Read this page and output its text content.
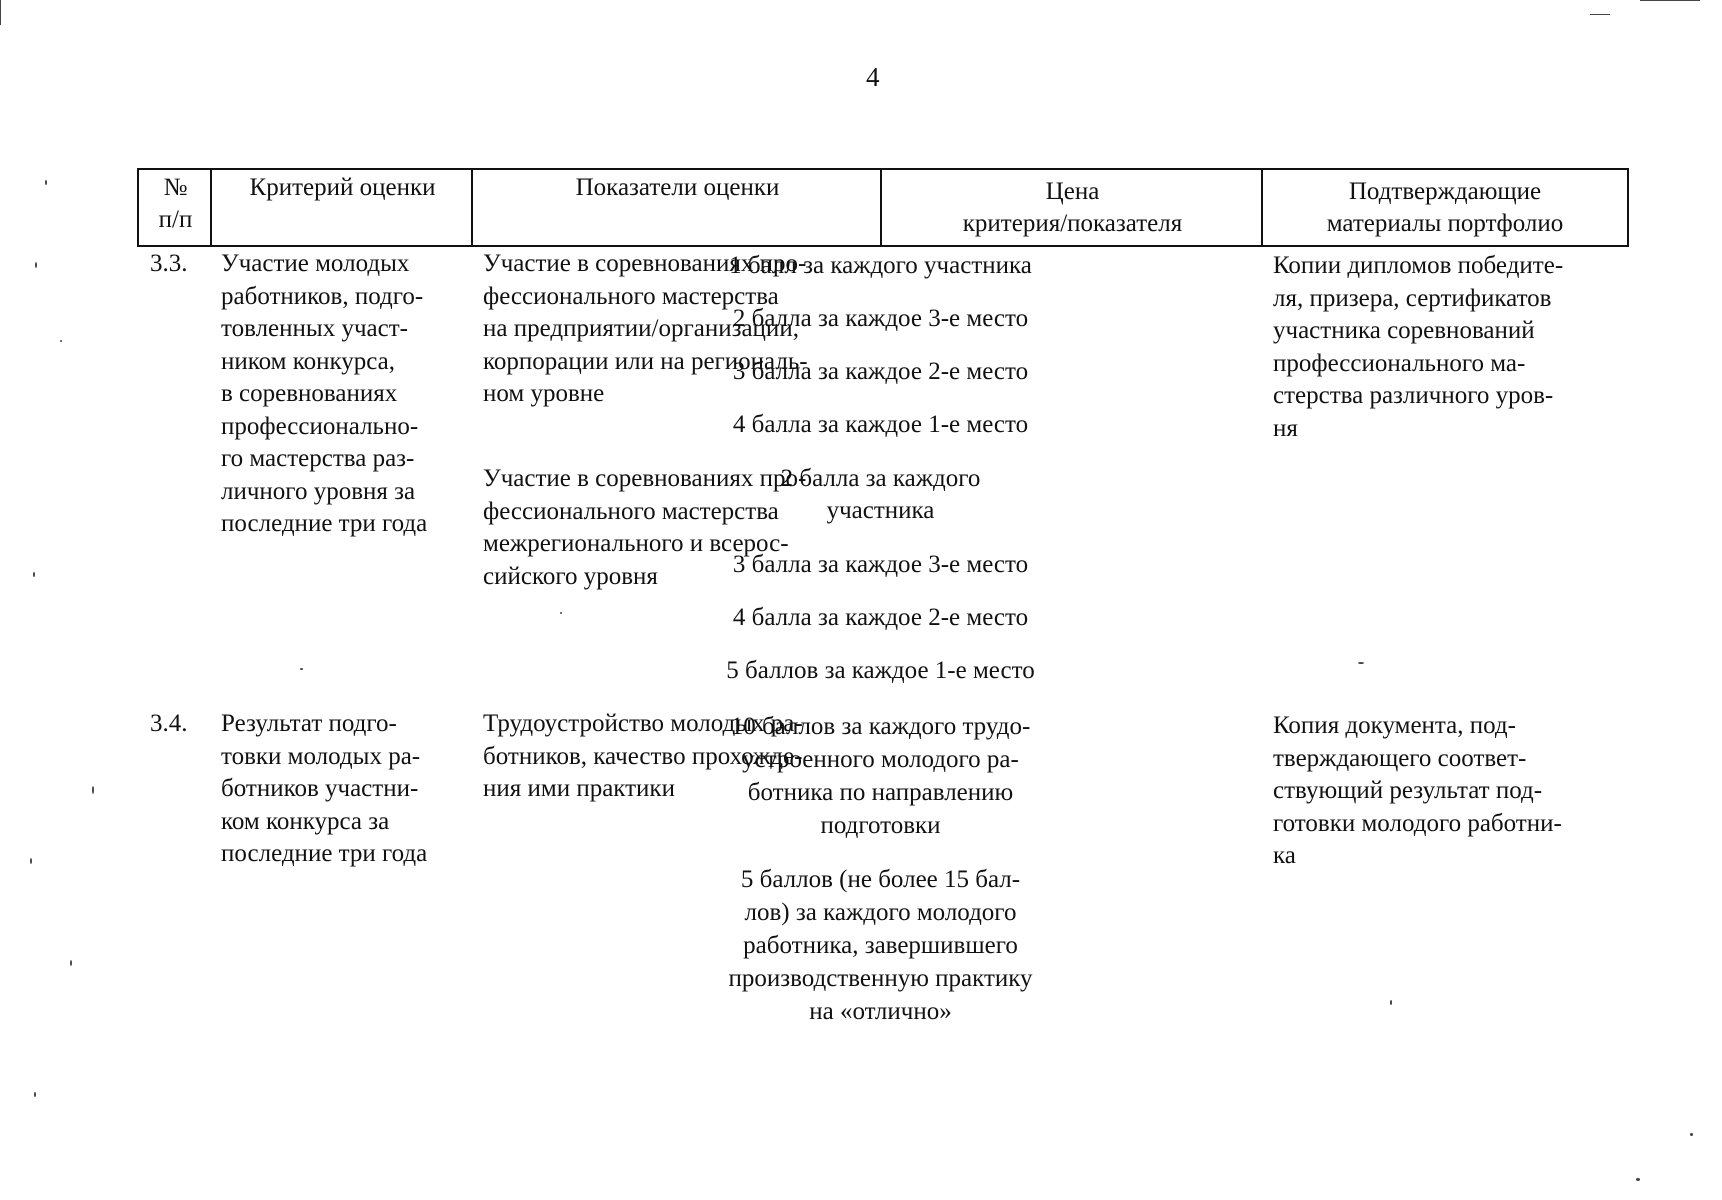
4
№
п/п
Критерий оценки	Показатели оценки	Цена
критерия/показателя
Подтверждающие
материалы портфолио
3.3. Участие молодых
работников, подго-
товленных участ-
ником конкурса,
в соревнованиях
профессионально-
го мастерства раз-
личного уровня за
последние три года
Участие в соревнованиях про-
фессионального мастерства
на предприятии/организации,
корпорации или на региональ-
ном уровне
Участие в соревнованиях про-
фессионального мастерства
межрегионального и всерос-
сийского уровня
1 балл за каждого участника
2 балла за каждое 3-е место
3 балла за каждое 2-е место
4 балла за каждое 1-е место
2 балла за каждого
участника
3 балла за каждое 3-е место
4 балла за каждое 2-е место
5 баллов за каждое 1-е место
Копии дипломов победите-
ля, призера, сертификатов
участника соревнований
профессионального ма-
стерства различного уров-
ня
3.4. Результат подго-
товки молодых ра-
ботников участни-
ком конкурса за
последние три года
Трудоустройство молодых ра-
ботников, качество прохожде-
ния ими практики
10 баллов за каждого трудо-
устроенного молодого ра-
ботника по направлению
подготовки
5 баллов (не более 15 бал-
лов) за каждого молодого
работника, завершившего
производственную практику
на «отлично»
Копия документа, под-
тверждающего соответ-
ствующий результат под-
готовки молодого работни-
ка
